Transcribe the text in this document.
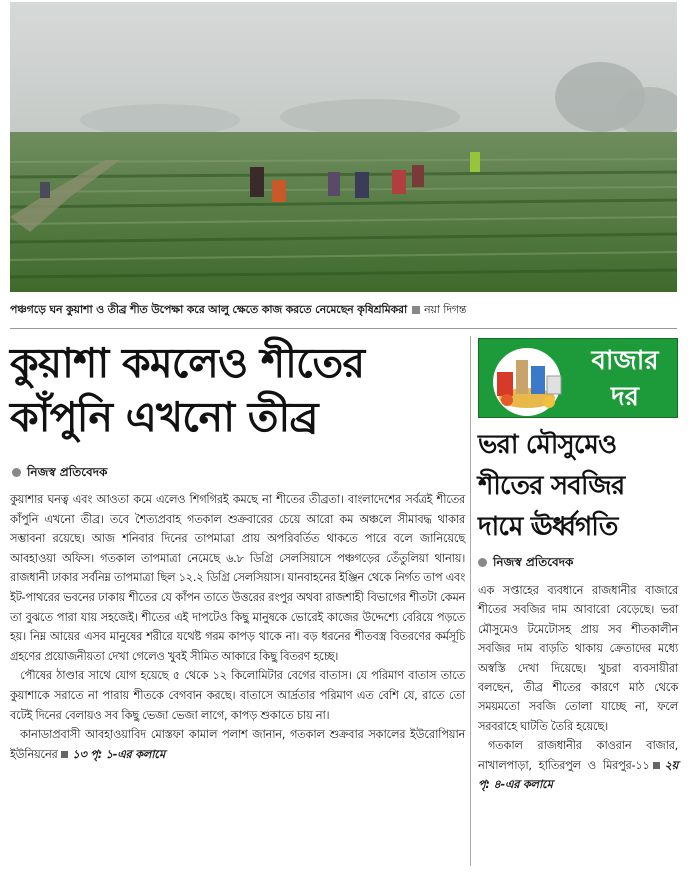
পঞ্চগড়ে ঘন কুয়াশা ও তীব্র শীত উপেক্ষা করে আলু ক্ষেতে কাজ করতে নেমেছেন কৃষিশ্রমিকরা নয়া দিগন্ত
কুয়াশা কমলেও শীতের
কাঁপুনি এখনো তীব্র
নিজস্ব প্রতিবেদক

কুয়াশার ঘনত্ব এবং আওতা কমে এলেও শিগগিরই কমছে না শীতের তীব্রতা। বাংলাদেশের সর্বত্রই শীতের কাঁপুনি এখনো তীব্র। তবে শৈত্যপ্রবাহ গতকাল শুক্রবারের চেয়ে আরো কম অঞ্চলে সীমাবদ্ধ থাকার সম্ভাবনা রয়েছে। আজ শনিবার দিনের তাপমাত্রা প্রায় অপরিবর্তিত থাকতে পারে বলে জানিয়েছে আবহাওয়া অফিস। গতকাল তাপমাত্রা নেমেছে ৬.৮ ডিগ্রি সেলসিয়াসে পঞ্চগড়ের তেঁতুলিয়া থানায়। রাজধানী ঢাকার সর্বনিম্ন তাপমাত্রা ছিল ১২.২ ডিগ্রি সেলসিয়াস। যানবাহনের ইঞ্জিন থেকে নির্গত তাপ এবং ইট-পাথরের ভবনের ঢাকায় শীতের যে কাঁপন তাতে উত্তরের রংপুর অথবা রাজশাহী বিভাগের শীতটা কেমন তা বুঝতে পারা যায় সহজেই। শীতের এই দাপটেও কিছু মানুষকে ভোরেই কাজের উদ্দেশ্যে বেরিয়ে পড়তে হয়। নিম্ন আয়ের এসব মানুষের শরীরে যথেষ্ট গরম কাপড় থাকে না। বড় ধরনের শীতবস্ত্র বিতরণের কর্মসূচি গ্রহণের প্রয়োজনীয়তা দেখা গেলেও খুবই সীমিত আকারে কিছু বিতরণ হচ্ছে।

পৌষের ঠাণ্ডার সাথে যোগ হয়েছে ৫ থেকে ১২ কিলোমিটার বেগের বাতাস। যে পরিমাণ বাতাস তাতে কুয়াশাকে সরাতে না পারায় শীতকে বেগবান করছে। বাতাসে আর্দ্রতার পরিমাণ এত বেশি যে, রাতে তো বটেই দিনের বেলায়ও সব কিছু ভেজা ভেজা লাগে, কাপড় শুকাতে চায় না।

কানাডাপ্রবাসী আবহাওয়াবিদ মোস্তফা কামাল পলাশ জানান, গতকাল শুক্রবার সকালের ইউরোপিয়ান ইউনিয়নের ১৩ পৃ: ১-এর কলামে

বাজার
দর
ভরা মৌসুমেও
শীতের সবজির
দামে ঊর্ধ্বগতি
নিজস্ব প্রতিবেদক

এক সপ্তাহের ব্যবধানে রাজধানীর বাজারে শীতের সবজির দাম আবারো বেড়েছে। ভরা মৌসুমেও টমেটোসহ প্রায় সব শীতকালীন সবজির দাম বাড়তি থাকায় ক্রেতাদের মধ্যে অস্বস্তি দেখা দিয়েছে। খুচরা ব্যবসায়ীরা বলছেন, তীব্র শীতের কারণে মাঠ থেকে সময়মতো সবজি তোলা যাচ্ছে না, ফলে সরবরাহে ঘাটতি তৈরি হয়েছে।

গতকাল রাজধানীর কাওরান বাজার, নাখালপাড়া, হাতিরপুল ও মিরপুর-১১ ২য় পৃ: ৪-এর কলামে
